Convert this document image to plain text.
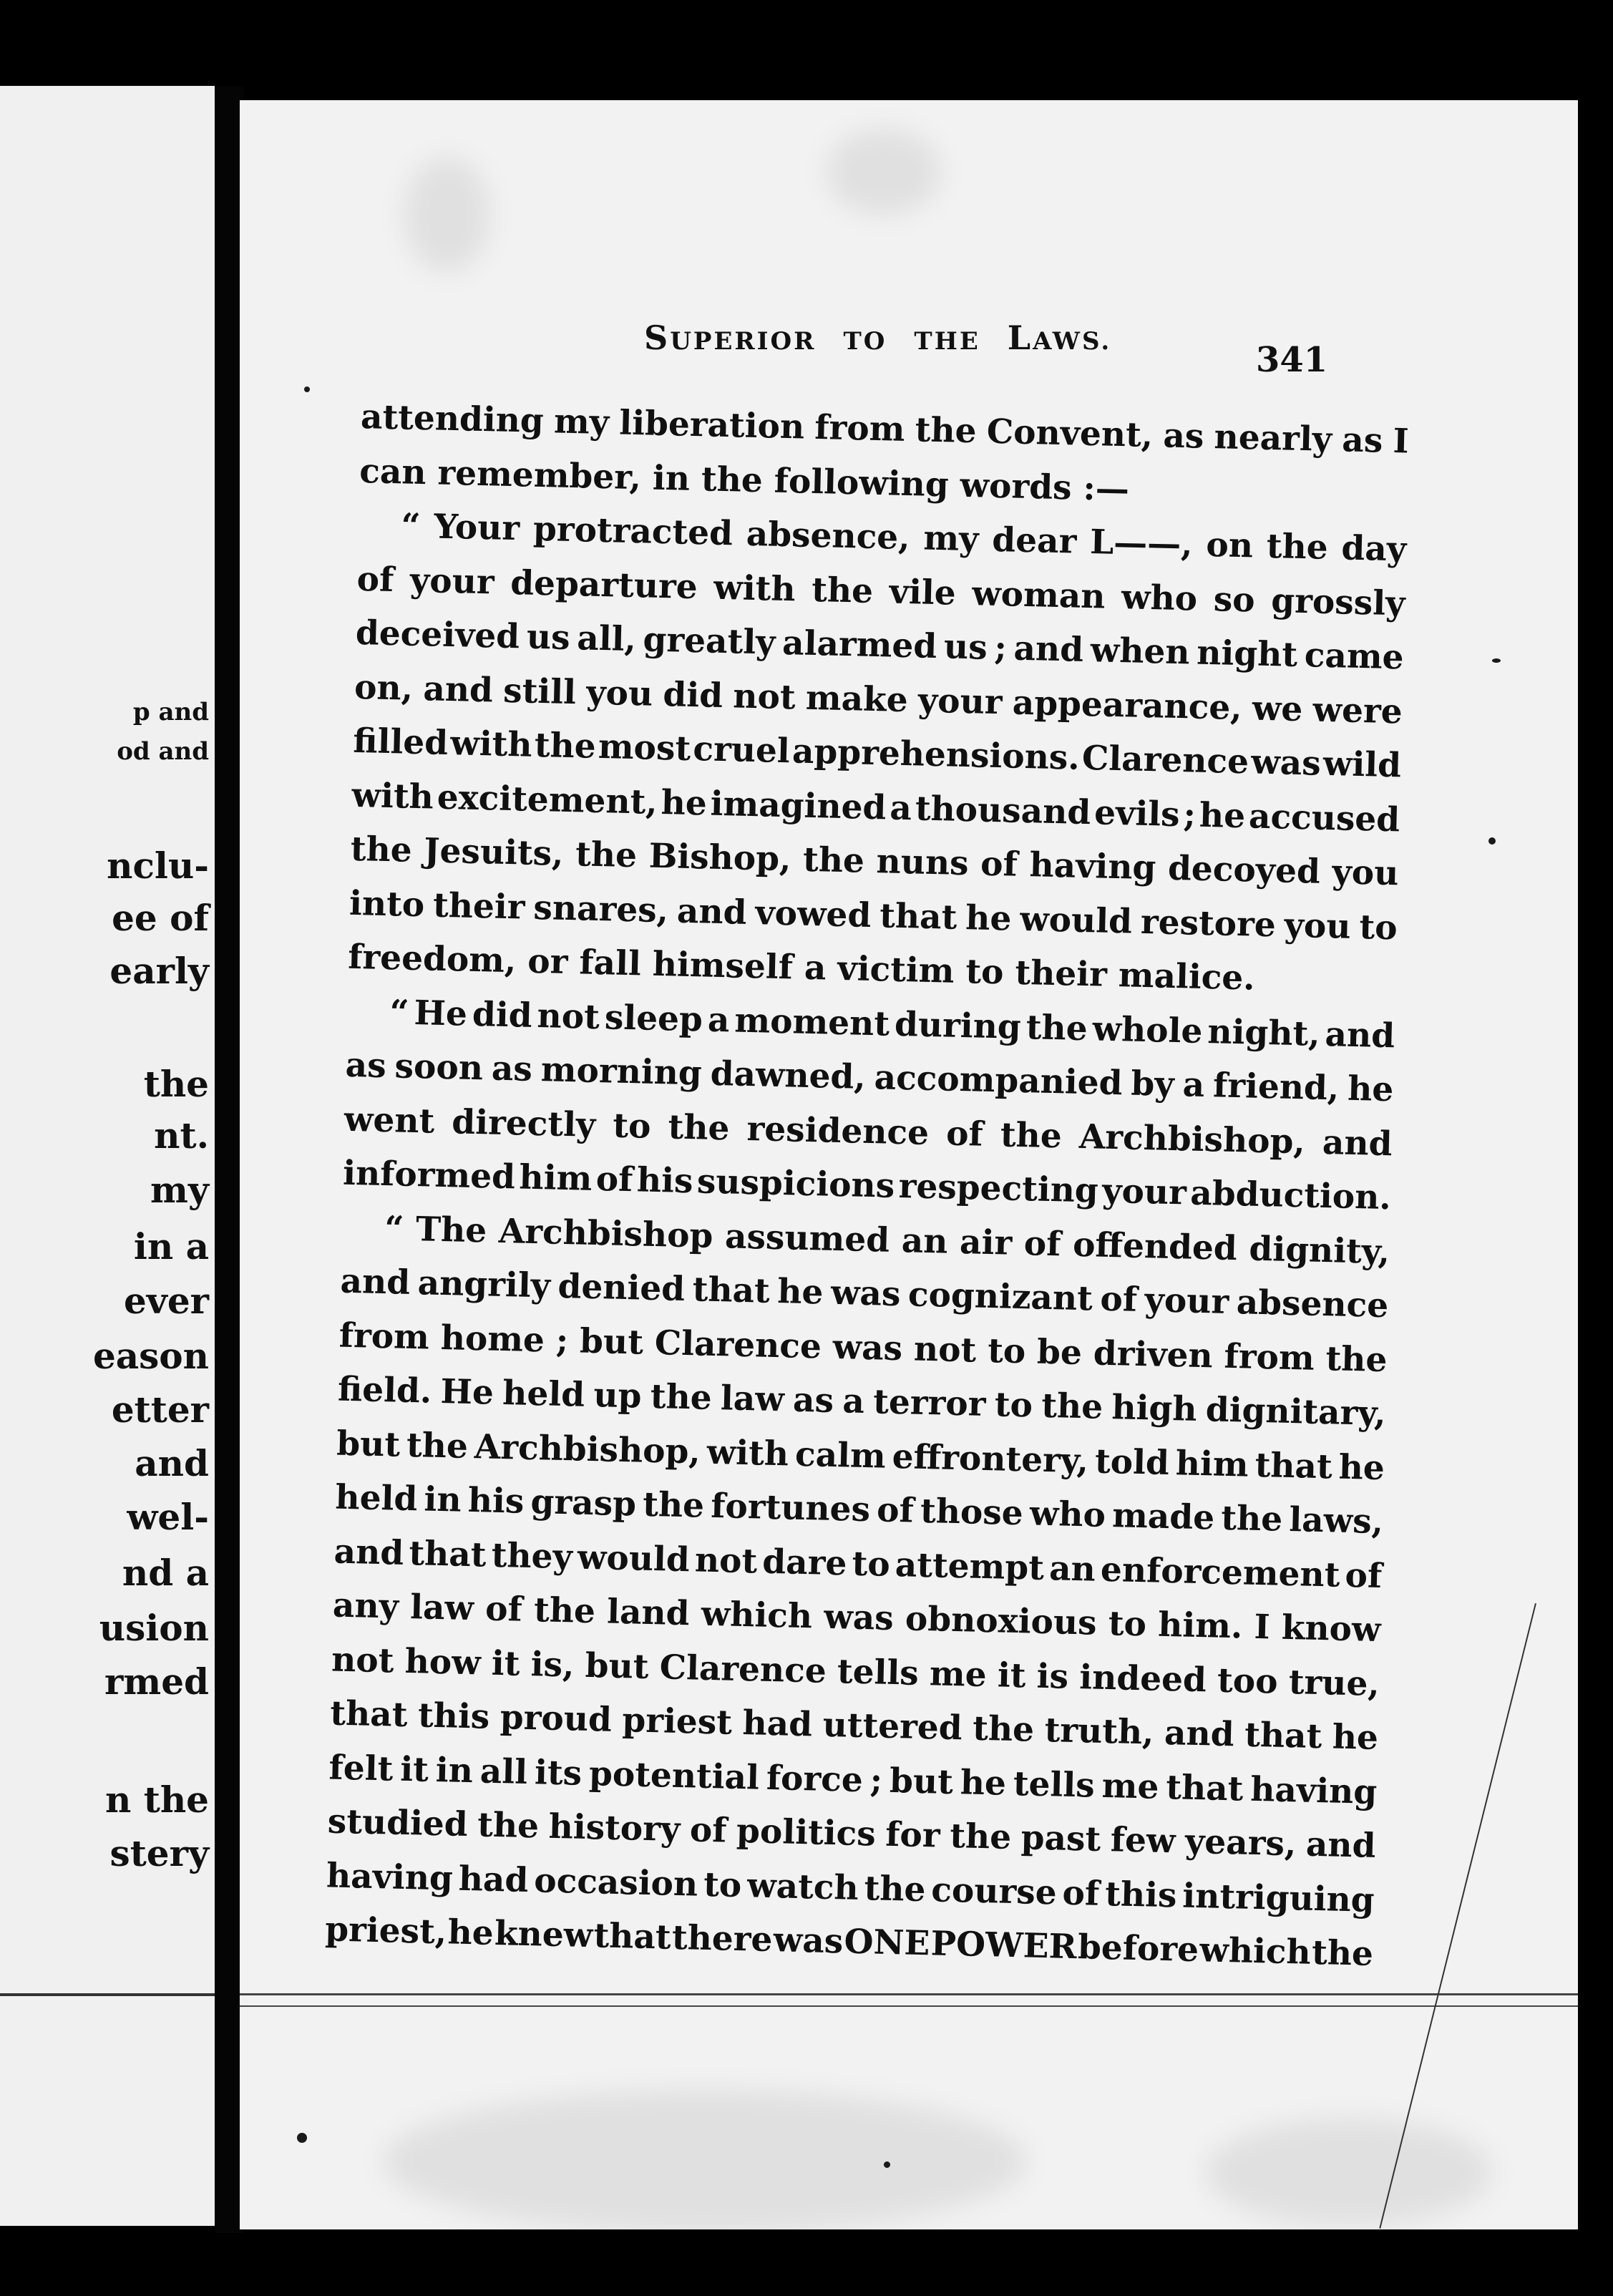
p and
od and
nclu-
ee of
early
the
nt.
my
in a
ever
eason
etter
and
wel-
nd a
usion
rmed
n the
stery
SUPERIOR TO THE LAWS.	341
attending my liberation from the Convent, as nearly as I
can remember, in the following words :—
“ Your protracted absence, my dear L——, on the day
of your departure with the vile woman who so grossly
deceived us all, greatly alarmed us ; and when night came
on, and still you did not make your appearance, we were
filled with the most cruel apprehensions. Clarence was wild
with excitement, he imagined a thousand evils ; he accused
the Jesuits, the Bishop, the nuns of having decoyed you
into their snares, and vowed that he would restore you to
freedom, or fall himself a victim to their malice.
“ He did not sleep a moment during the whole night, and
as soon as morning dawned, accompanied by a friend, he
went directly to the residence of the Archbishop, and
informed him of his suspicions respecting your abduction.
“ The Archbishop assumed an air of offended dignity,
and angrily denied that he was cognizant of your absence
from home ; but Clarence was not to be driven from the
field. He held up the law as a terror to the high dignitary,
but the Archbishop, with calm effrontery, told him that he
held in his grasp the fortunes of those who made the laws,
and that they would not dare to attempt an enforcement of
any law of the land which was obnoxious to him. I know
not how it is, but Clarence tells me it is indeed too true,
that this proud priest had uttered the truth, and that he
felt it in all its potential force ; but he tells me that having
studied the history of politics for the past few years, and
having had occasion to watch the course of this intriguing
priest, he knew that there was ONE POWER before which the
